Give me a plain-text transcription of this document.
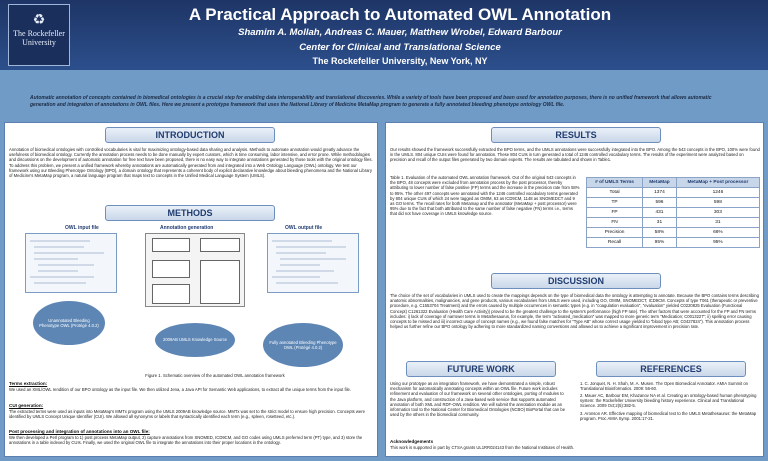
♻
The Rockefeller University
A Practical Approach to Automated OWL Annotation
Shamim A. Mollah, Andreas C. Mauer, Matthew Wrobel, Edward Barbour
Center for Clinical and Translational Science
The Rockefeller University, New York, NY
Automatic annotation of concepts contained in biomedical ontologies is a crucial step for enabling data interoperability and translational discoveries. While a variety of tools have been proposed and been used for annotation purposes, there is no unified framework that allows automatic generation and integration of annotations in OWL files. Here we present a prototype framework that uses the National Library of Medicine MetaMap program to generate a fully annotated bleeding phenotype ontology OWL file.
INTRODUCTION
Annotation of biomedical ontologies with controlled vocabularies is vital for maximizing ontology-based data sharing and analysis. Methods to automate annotation would greatly advance the usefulness of biomedical ontology. Currently the annotation process needs to be done manually by expert curators, which is time consuming, labor intensive, and error prone. While methodologies and discussions on the development of automatic annotation for free text have been proposed, there is no easy way to integrate annotations generated by those tools with the original ontology files. To address this problem, we present a unified framework whereby annotations are automatically generated from and integrated into a Web Ontology Language (OWL) ontology. We test our framework using our Bleeding Phenotype Ontology (BPO), a domain ontology that represents a coherent body of explicit declarative knowledge about bleeding phenomena and the National Library of Medicine's MetaMap program, a natural language program that maps text to concepts in the Unified Medical Language System (UMLS).
METHODS
OWL input file	Annotation generation	OWL output file
Unannotated Bleeding Phenotype OWL (Protégé 4.0.2)
2009AB UMLS Knowledge Source	Fully annotated Bleeding Phenotype OWL (Protégé 4.0.2)
Figure 1. Schematic overview of the automated OWL annotation framework
Terms extraction:
We used an XML/OWL rendition of our BPO ontology as the input file. We then utilized Jena, a Java API for Semantic Web applications, to extract all the unique terms from the input file.
CUI generation:
The extracted terms were used as inputs into MetaMap's MMTx program using the UMLS 2009AB knowledge source. MMTx was set to the strict model to ensure high precision. Concepts were identified by UMLS Concept Unique Identifier (CUI). We allowed all synonyms or labels that syntactically identified each term (e.g., spleen, rosetteed, etc.).
Post processing and integration of annotations into an OWL file:
We then developed a Perl program to 1) post process MetaMap output, 2) capture annotations from SNOMED, ICD9CM, and GO codes using UMLS preferred term (PT) type, and 3) store the annotations in a table indexed by CUIs. Finally, we used the original OWL file to integrate the annotations into their proper locations in the ontology.
RESULTS
Our results showed the framework successfully extracted the BPO terms, and the UMLS annotations were successfully integrated into the BPO. Among the 543 concepts in the BPO, 100% were found in the UMLS. 804 unique CUIs were found for annotation. These 804 CUIs in turn generated a total of 1246 controlled vocabulary terms. The results of the experiment were analyzed based on precision and recall of the output files generated by two domain experts. The results are tabulated and shown in Table1.
Table 1. Evaluation of the automated OWL annotation framework. Out of the original 543 concepts in the BPO, 48 concepts were excluded from annotation process by the post processor, thereby attributing to lower number of false positive (FP) terms and the increase in the precision rate from 58% to 95%. The other 497 concepts were annotated with the 1246 controlled vocabulary terms generated by 804 unique CUIs of which 24 were tagged as OMIM, 63 as ICD9CM, 1148 as SNOMEDCT and 9 as GO terms. The recall rates for both Metamap and the annotator (MetaMap + post processor) were 95% due to the fact that both attributed to the same number of false negative (FN) terms i.e., terms that did not have coverage in UMLS knowledge source.
# of UMLS Terms	MetaMap	MetaMap + Post processor
Total	1374	1246
TP	596	598
FP	431	303
FN	31	31
Precision	58%	66%
Recall	95%	95%
DISCUSSION
The choice of the set of vocabularies in UMLS used to create the mappings depends on the type of biomedical data the ontology is attempting to annotate. Because the BPO contains terms describing anatomic abnormalities, malignancies, and gene products, various vocabularies from UMLS were used, including GO, OMIM, SNOMEDCT, ICD9CM. Concepts of type T061 (therapeutic or preventive procedure, e.g. C1553704 Treatment) and the errors caused by multiple occurrences in semantic types (e.g. in "coagulation evaluation", "evaluation" yielded C0220825 Evaluation (Functional Concept) C1261322 Evaluation (Health Care Activity)) proved to be the greatest challenge to the system's performance (high FP rate). The other factors that were accounted for the FP and FN terms includes: i) lack of coverage of narrower terms in Metathesaurus, for example, the term "activated_medication" was mapped to more generic term "Medication; C0013227"; ii) spelling error causing concepts to be missed and iii) incorrect usage of concept names (e.g., we found false matches for "Type AB" whose correct usage yielded to "blood type AB; C0427824"). This annotation process helped us further refine our BPO ontology by adhering to more standardized naming conventions and allowed us to achieve a significant improvement in precision rate.
FUTURE WORK
Using our prototype as an integration framework, we have demonstrated a simple, robust mechanism for automatically annotating concepts within an OWL file. Future work includes refinement and evaluation of our framework on several other ontologies, porting of modules to the Java platform, and construction of a Java-based web service that supports automated annotation of both XML and RDF-OWL rendition. We will submit the annotation module as an informatics tool to the National Center for Biomedical Ontologies (NCBO) BioPortal that can be used by the others in the biomedical community.
REFERENCES
1. C. Jonquet, N. H. Shah, M. A. Musen. The Open Biomedical Annotator. AMIA Summit on Translational Bioinformatics. 2009: 56-60.
2. Mauer AC, Barbour EM, Khazanov NA et al. Creating an ontology-based human phenotyping system: the Rockefeller University bleeding history experience. Clinical and Translational Science. 2009 Oct;2(5):382-5.
3. Aronson AR. Effective mapping of biomedical text to the UMLS Metathesaurus: the MetaMap program. Proc AMIA Symp. 2001:17-21.
Acknowledgements
This work is supported in part by CTSA grants UL1RR024143 from the National Institutes of Health.
